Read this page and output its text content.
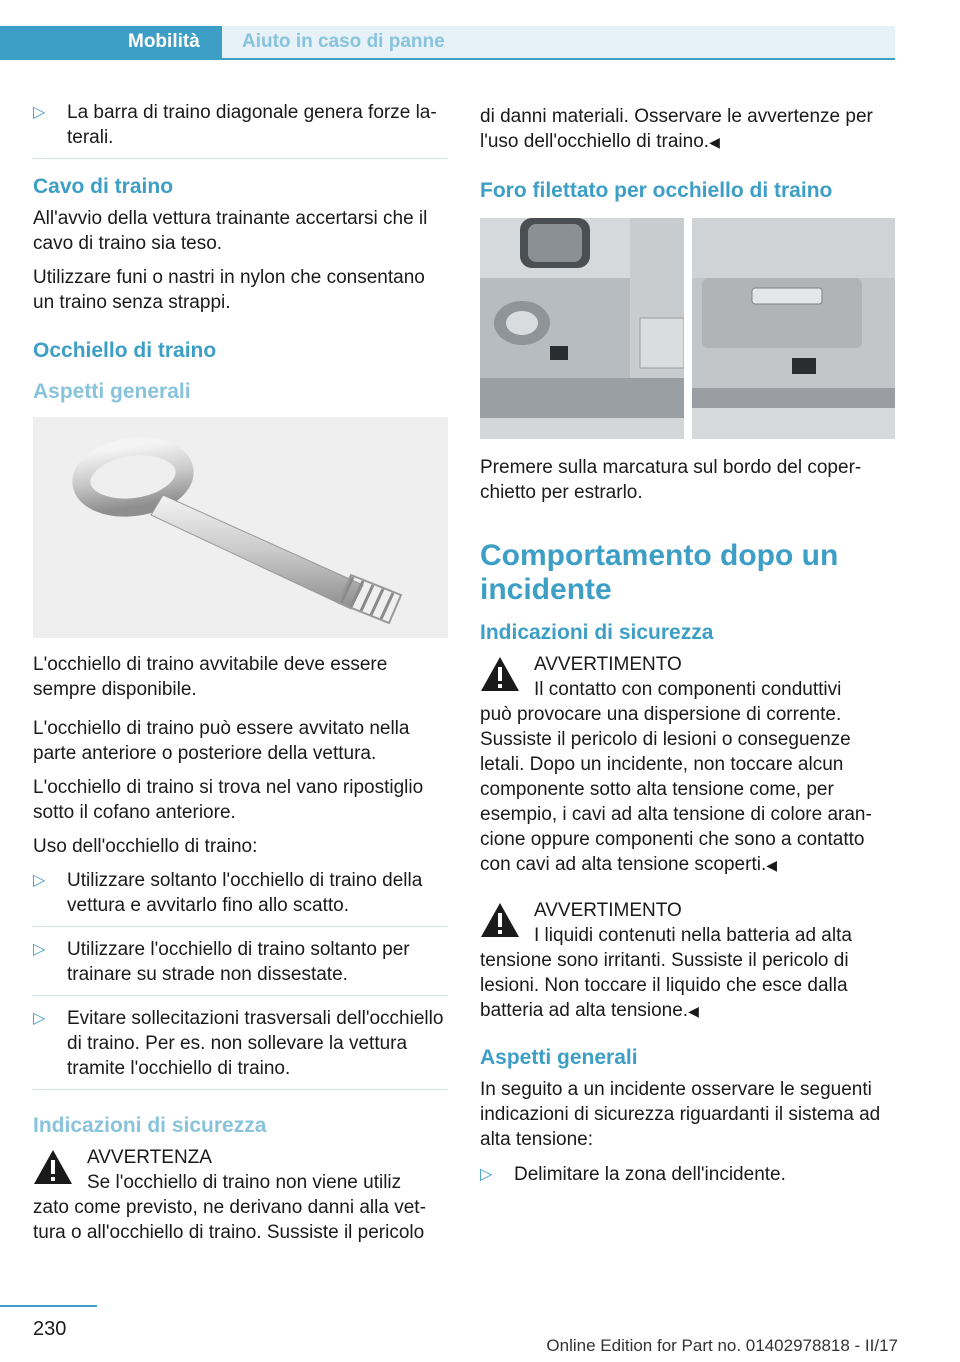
Mobilità	Aiuto in caso di panne
▷ La barra di traino diagonale genera forze laterali.
Cavo di traino

All'avvio della vettura trainante accertarsi che il cavo di traino sia teso.

Utilizzare funi o nastri in nylon che consentano un traino senza strappi.

Occhiello di traino
Aspetti generali

L'occhiello di traino avvitabile deve essere sempre disponibile.

L'occhiello di traino può essere avvitato nella parte anteriore o posteriore della vettura.

L'occhiello di traino si trova nel vano ripostiglio sotto il cofano anteriore.

Uso dell'occhiello di traino:

▷ Utilizzare soltanto l'occhiello di traino della vettura e avvitarlo fino allo scatto.
▷ Utilizzare l'occhiello di traino soltanto per trainare su strade non dissestate.
▷ Evitare sollecitazioni trasversali dell'occhiello di traino. Per es. non sollevare la vettura tramite l'occhiello di traino.
Indicazioni di sicurezza

AVVERTENZA

Se l'occhiello di traino non viene utiliz

zato come previsto, ne derivano danni alla vettura o all'occhiello di traino. Sussiste il pericolo

di danni materiali. Osservare le avvertenze per l'uso dell'occhiello di traino.◀

Foro filettato per occhiello di traino

Premere sulla marcatura sul bordo del coperchietto per estrarlo.

Comportamento dopo un incidente
Indicazioni di sicurezza

AVVERTIMENTO

Il contatto con componenti conduttivi

può provocare una dispersione di corrente. Sussiste il pericolo di lesioni o conseguenze letali. Dopo un incidente, non toccare alcun componente sotto alta tensione come, per esempio, i cavi ad alta tensione di colore arancione oppure componenti che sono a contatto con cavi ad alta tensione scoperti.◀

AVVERTIMENTO

I liquidi contenuti nella batteria ad alta

tensione sono irritanti. Sussiste il pericolo di lesioni. Non toccare il liquido che esce dalla batteria ad alta tensione.◀

Aspetti generali

In seguito a un incidente osservare le seguenti indicazioni di sicurezza riguardanti il sistema ad alta tensione:

▷ Delimitare la zona dell'incidente.
230
Online Edition for Part no. 01402978818 - II/17
